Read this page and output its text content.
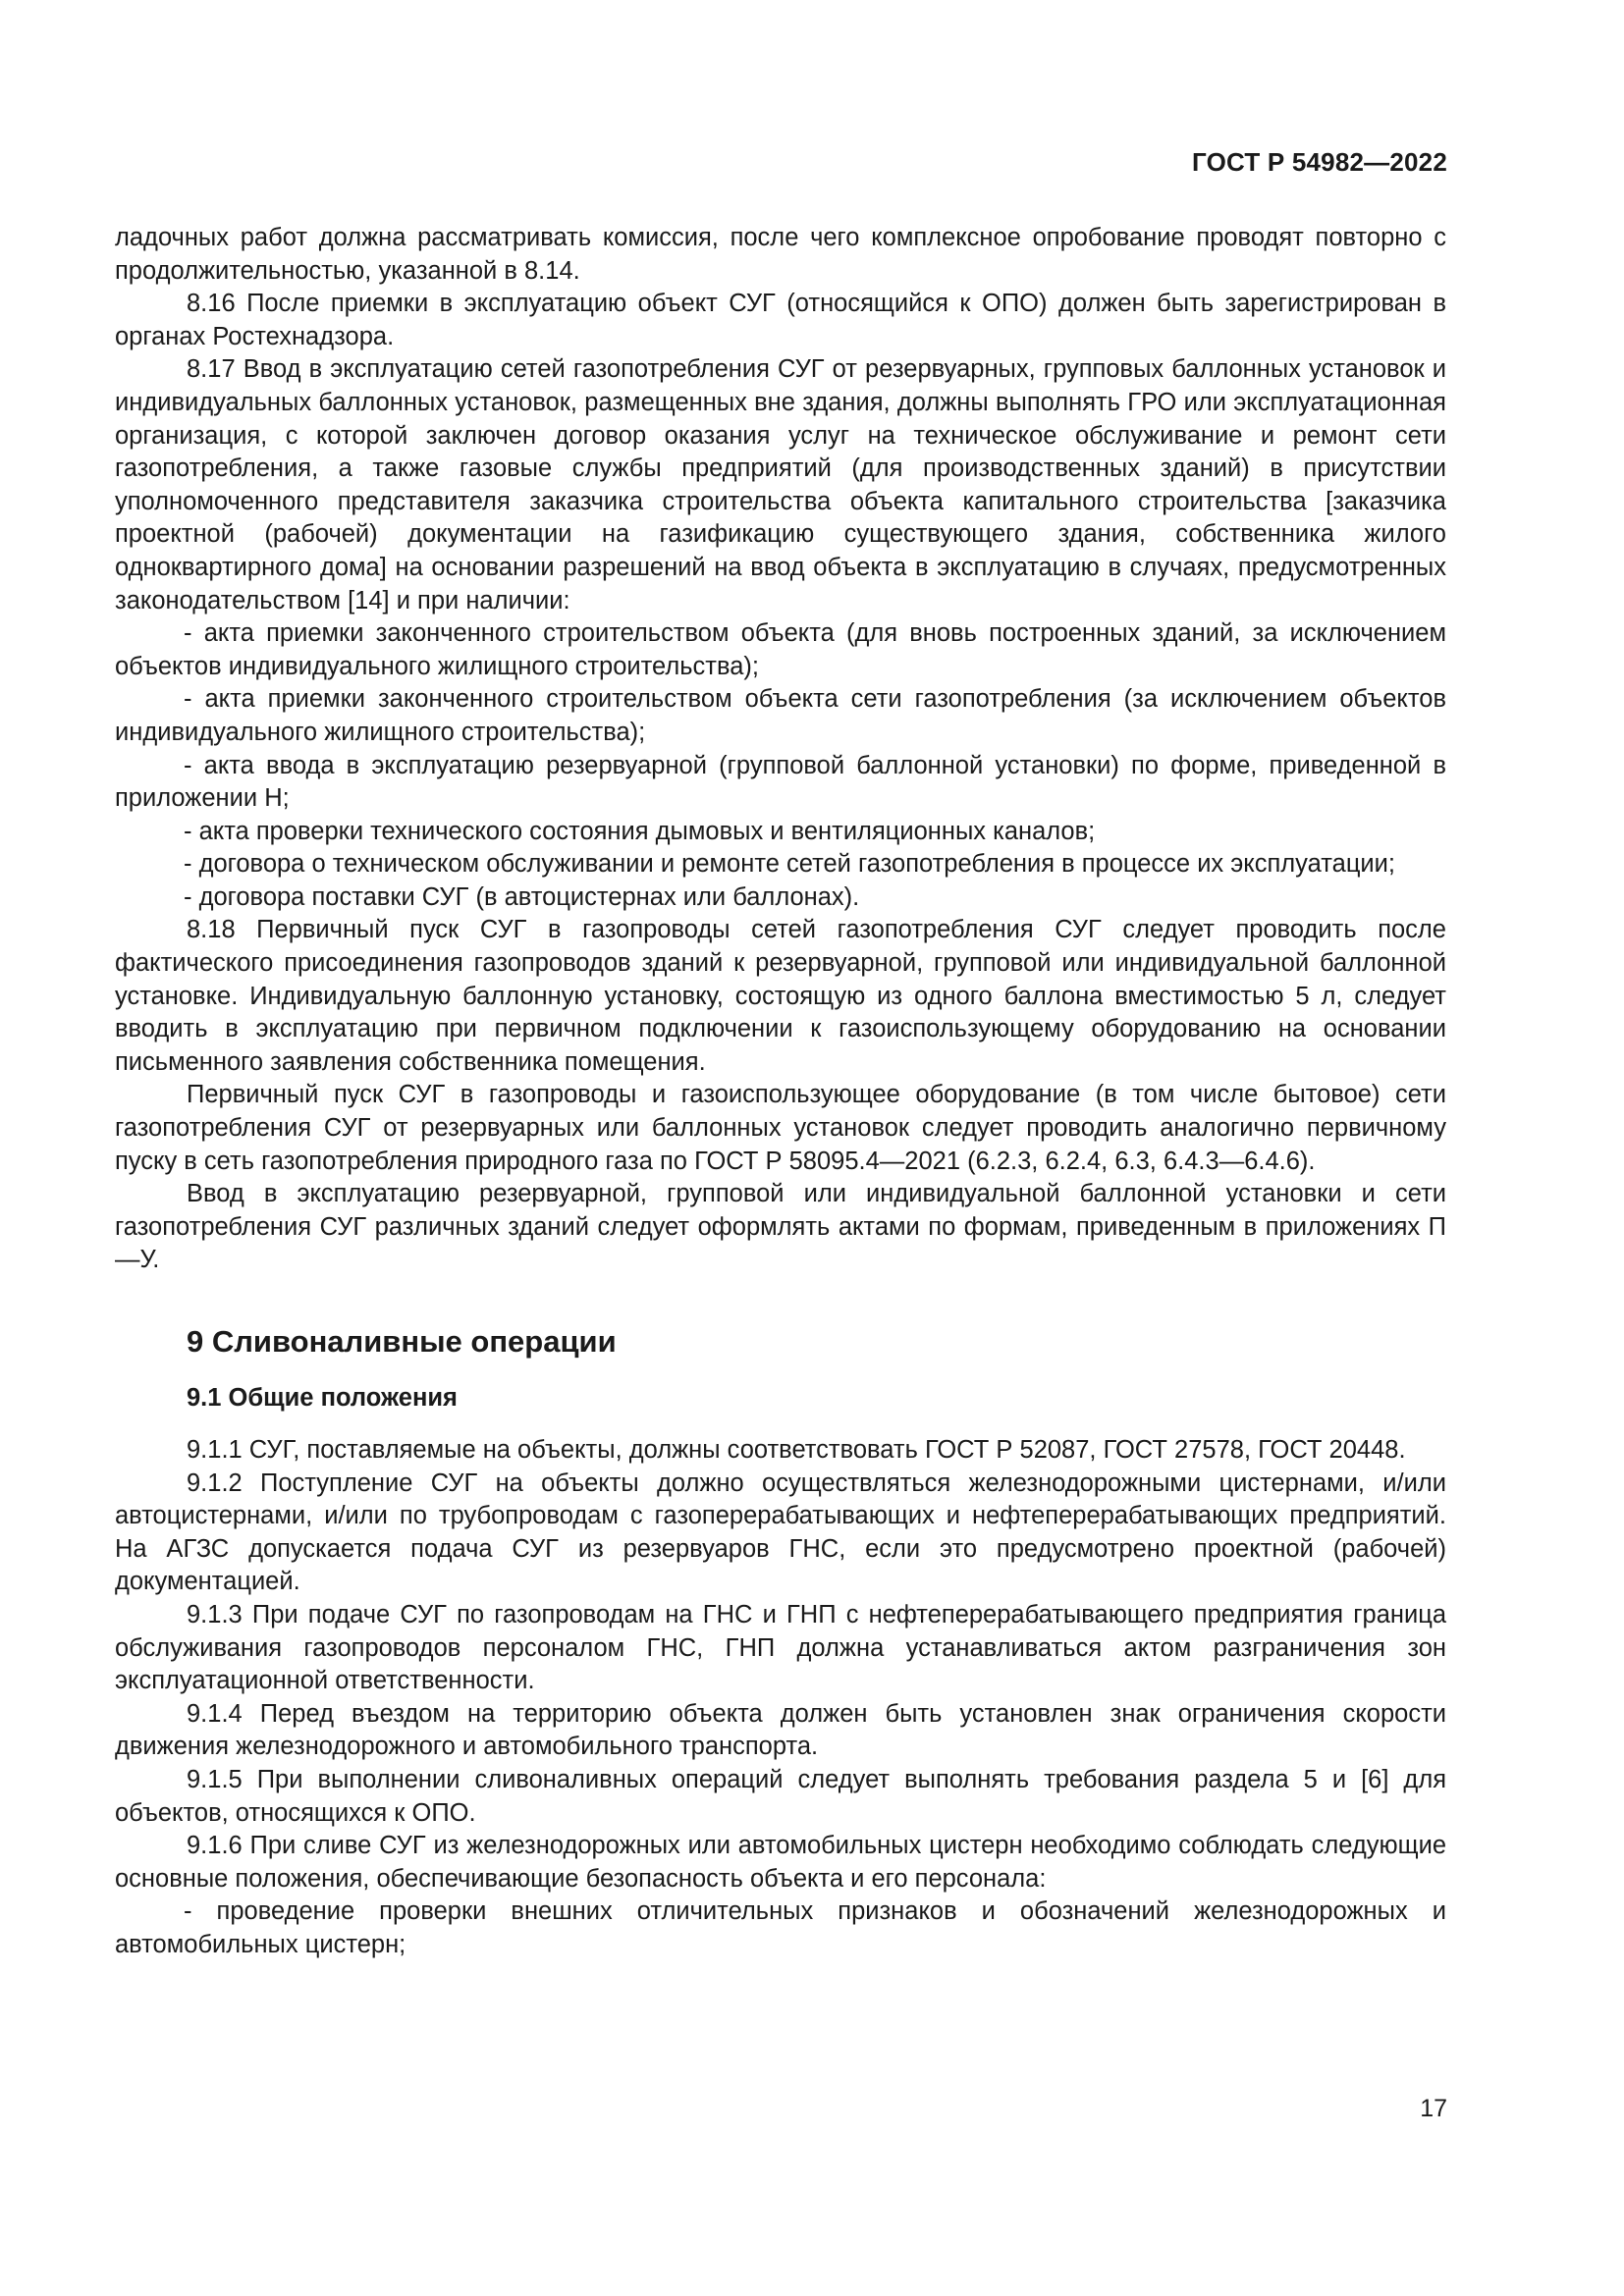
ГОСТ Р 54982—2022

ладочных работ должна рассматривать комиссия, после чего комплексное опробование проводят повторно с продолжительностью, указанной в 8.14.

8.16 После приемки в эксплуатацию объект СУГ (относящийся к ОПО) должен быть зарегистрирован в органах Ростехнадзора.

8.17 Ввод в эксплуатацию сетей газопотребления СУГ от резервуарных, групповых баллонных установок и индивидуальных баллонных установок, размещенных вне здания, должны выполнять ГРО или эксплуатационная организация, с которой заключен договор оказания услуг на техническое обслуживание и ремонт сети газопотребления, а также газовые службы предприятий (для производственных зданий) в присутствии уполномоченного представителя заказчика строительства объекта капитального строительства [заказчика проектной (рабочей) документации на газификацию существующего здания, собственника жилого одноквартирного дома] на основании разрешений на ввод объекта в эксплуатацию в случаях, предусмотренных законодательством [14] и при наличии:

- акта приемки законченного строительством объекта (для вновь построенных зданий, за исключением объектов индивидуального жилищного строительства);

- акта приемки законченного строительством объекта сети газопотребления (за исключением объектов индивидуального жилищного строительства);

- акта ввода в эксплуатацию резервуарной (групповой баллонной установки) по форме, приведенной в приложении Н;

- акта проверки технического состояния дымовых и вентиляционных каналов;

- договора о техническом обслуживании и ремонте сетей газопотребления в процессе их эксплуатации;

- договора поставки СУГ (в автоцистернах или баллонах).

8.18 Первичный пуск СУГ в газопроводы сетей газопотребления СУГ следует проводить после фактического присоединения газопроводов зданий к резервуарной, групповой или индивидуальной баллонной установке. Индивидуальную баллонную установку, состоящую из одного баллона вместимостью 5 л, следует вводить в эксплуатацию при первичном подключении к газоиспользующему оборудованию на основании письменного заявления собственника помещения.

Первичный пуск СУГ в газопроводы и газоиспользующее оборудование (в том числе бытовое) сети газопотребления СУГ от резервуарных или баллонных установок следует проводить аналогично первичному пуску в сеть газопотребления природного газа по ГОСТ Р 58095.4—2021 (6.2.3, 6.2.4, 6.3, 6.4.3—6.4.6).

Ввод в эксплуатацию резервуарной, групповой или индивидуальной баллонной установки и сети газопотребления СУГ различных зданий следует оформлять актами по формам, приведенным в приложениях П—У.

9 Сливоналивные операции
9.1 Общие положения

9.1.1 СУГ, поставляемые на объекты, должны соответствовать ГОСТ Р 52087, ГОСТ 27578, ГОСТ 20448.

9.1.2 Поступление СУГ на объекты должно осуществляться железнодорожными цистернами, и/или автоцистернами, и/или по трубопроводам с газоперерабатывающих и нефтеперерабатывающих предприятий. На АГЗС допускается подача СУГ из резервуаров ГНС, если это предусмотрено проектной (рабочей) документацией.

9.1.3 При подаче СУГ по газопроводам на ГНС и ГНП с нефтеперерабатывающего предприятия граница обслуживания газопроводов персоналом ГНС, ГНП должна устанавливаться актом разграничения зон эксплуатационной ответственности.

9.1.4 Перед въездом на территорию объекта должен быть установлен знак ограничения скорости движения железнодорожного и автомобильного транспорта.

9.1.5 При выполнении сливоналивных операций следует выполнять требования раздела 5 и [6] для объектов, относящихся к ОПО.

9.1.6 При сливе СУГ из железнодорожных или автомобильных цистерн необходимо соблюдать следующие основные положения, обеспечивающие безопасность объекта и его персонала:

- проведение проверки внешних отличительных признаков и обозначений железнодорожных и автомобильных цистерн;

17
